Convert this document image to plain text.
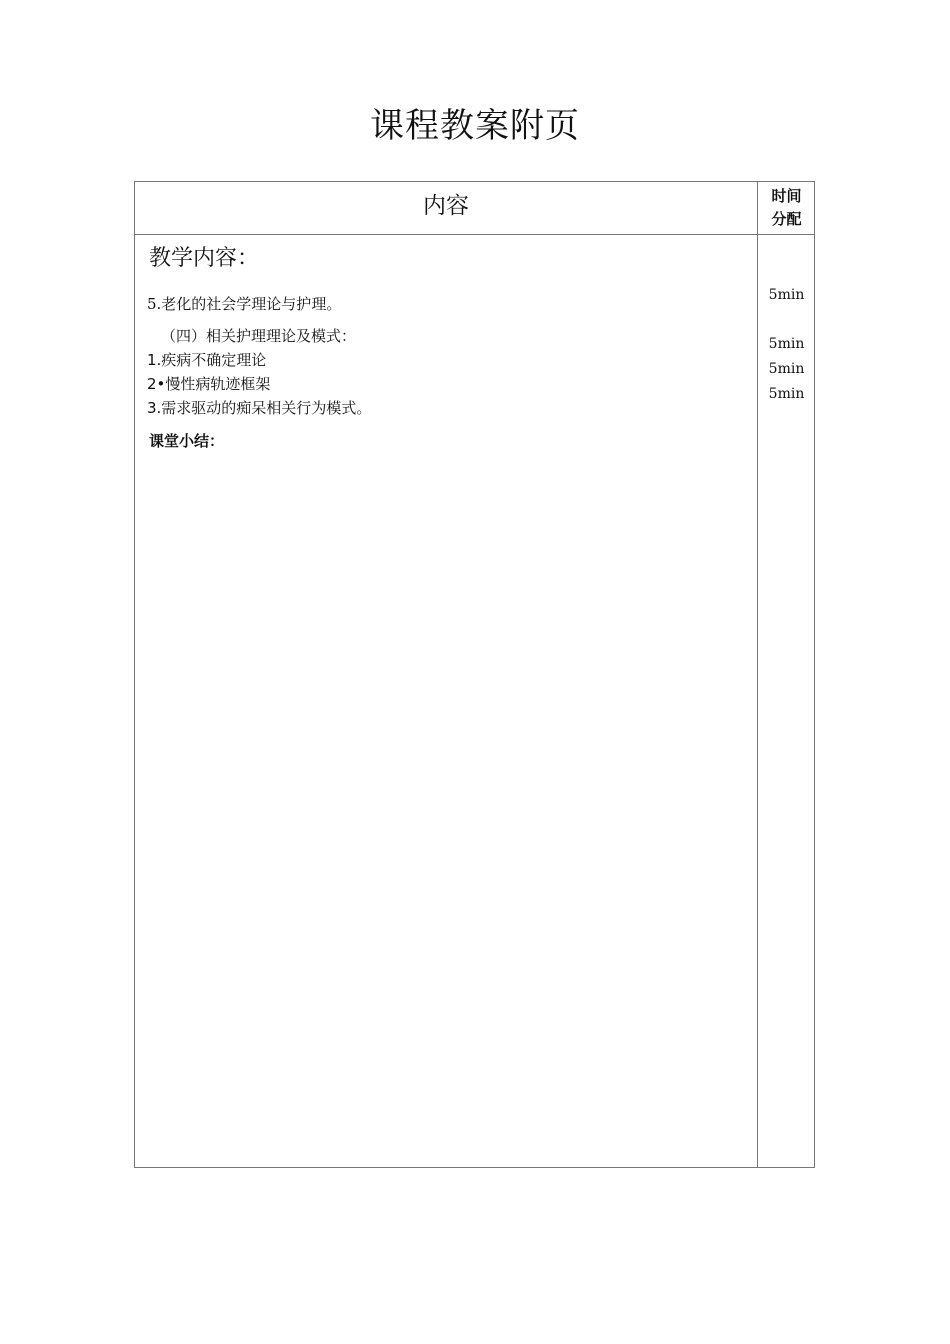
课程教案附页
内容	时间
分配
教学内容：
5.老化的社会学理论与护理。
（四）相关护理理论及模式：
1.疾病不确定理论
2•慢性病轨迹框架
3.需求驱动的痴呆相关行为模式。
课堂小结：
5min
5min
5min
5min
